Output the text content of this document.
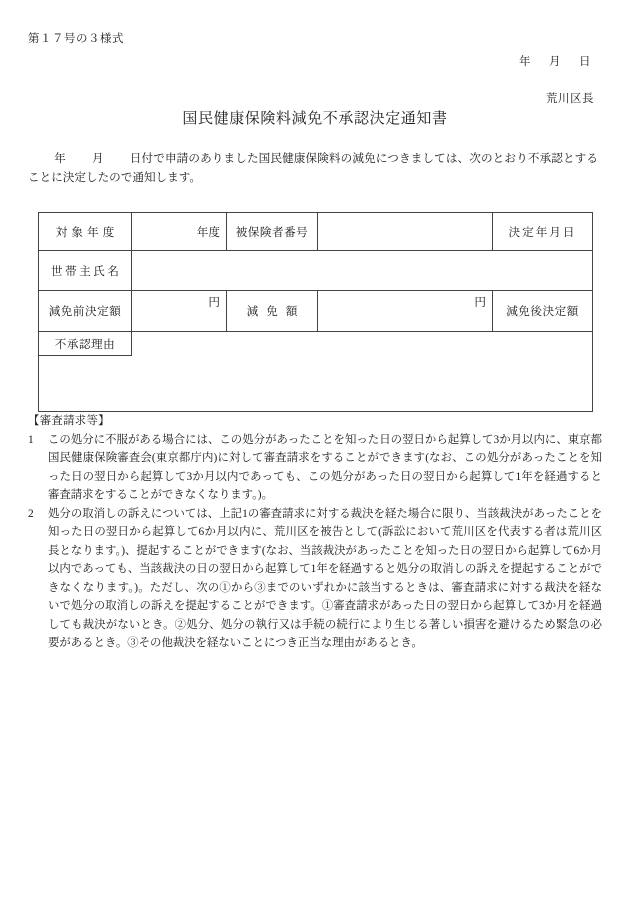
第１７号の３様式
年　月　日
荒川区長
国民健康保険料減免不承認決定通知書
年 月 日付で申請のありました国民健康保険料の減免につきましては、次のとおり不承認とすることに決定したので通知します。
対象年度	年度	被保険者番号		決定年月日
世帯主氏名				
減免前決定額	円	減免額	円	減免後決定額
不承認理由				

【審査請求等】
1	この処分に不服がある場合には、この処分があったことを知った日の翌日から起算して3か月以内に、東京都国民健康保険審査会(東京都庁内)に対して審査請求をすることができます(なお、この処分があったことを知った日の翌日から起算して3か月以内であっても、この処分があった日の翌日から起算して1年を経過すると審査請求をすることができなくなります。)。
2	処分の取消しの訴えについては、上記1の審査請求に対する裁決を経た場合に限り、当該裁決があったことを知った日の翌日から起算して6か月以内に、荒川区を被告として(訴訟において荒川区を代表する者は荒川区長となります。)、提起することができます(なお、当該裁決があったことを知った日の翌日から起算して6か月以内であっても、当該裁決の日の翌日から起算して1年を経過すると処分の取消しの訴えを提起することができなくなります。)。ただし、次の①から③までのいずれかに該当するときは、審査請求に対する裁決を経ないで処分の取消しの訴えを提起することができます。①審査請求があった日の翌日から起算して3か月を経過しても裁決がないとき。②処分、処分の執行又は手続の続行により生じる著しい損害を避けるため緊急の必要があるとき。③その他裁決を経ないことにつき正当な理由があるとき。
